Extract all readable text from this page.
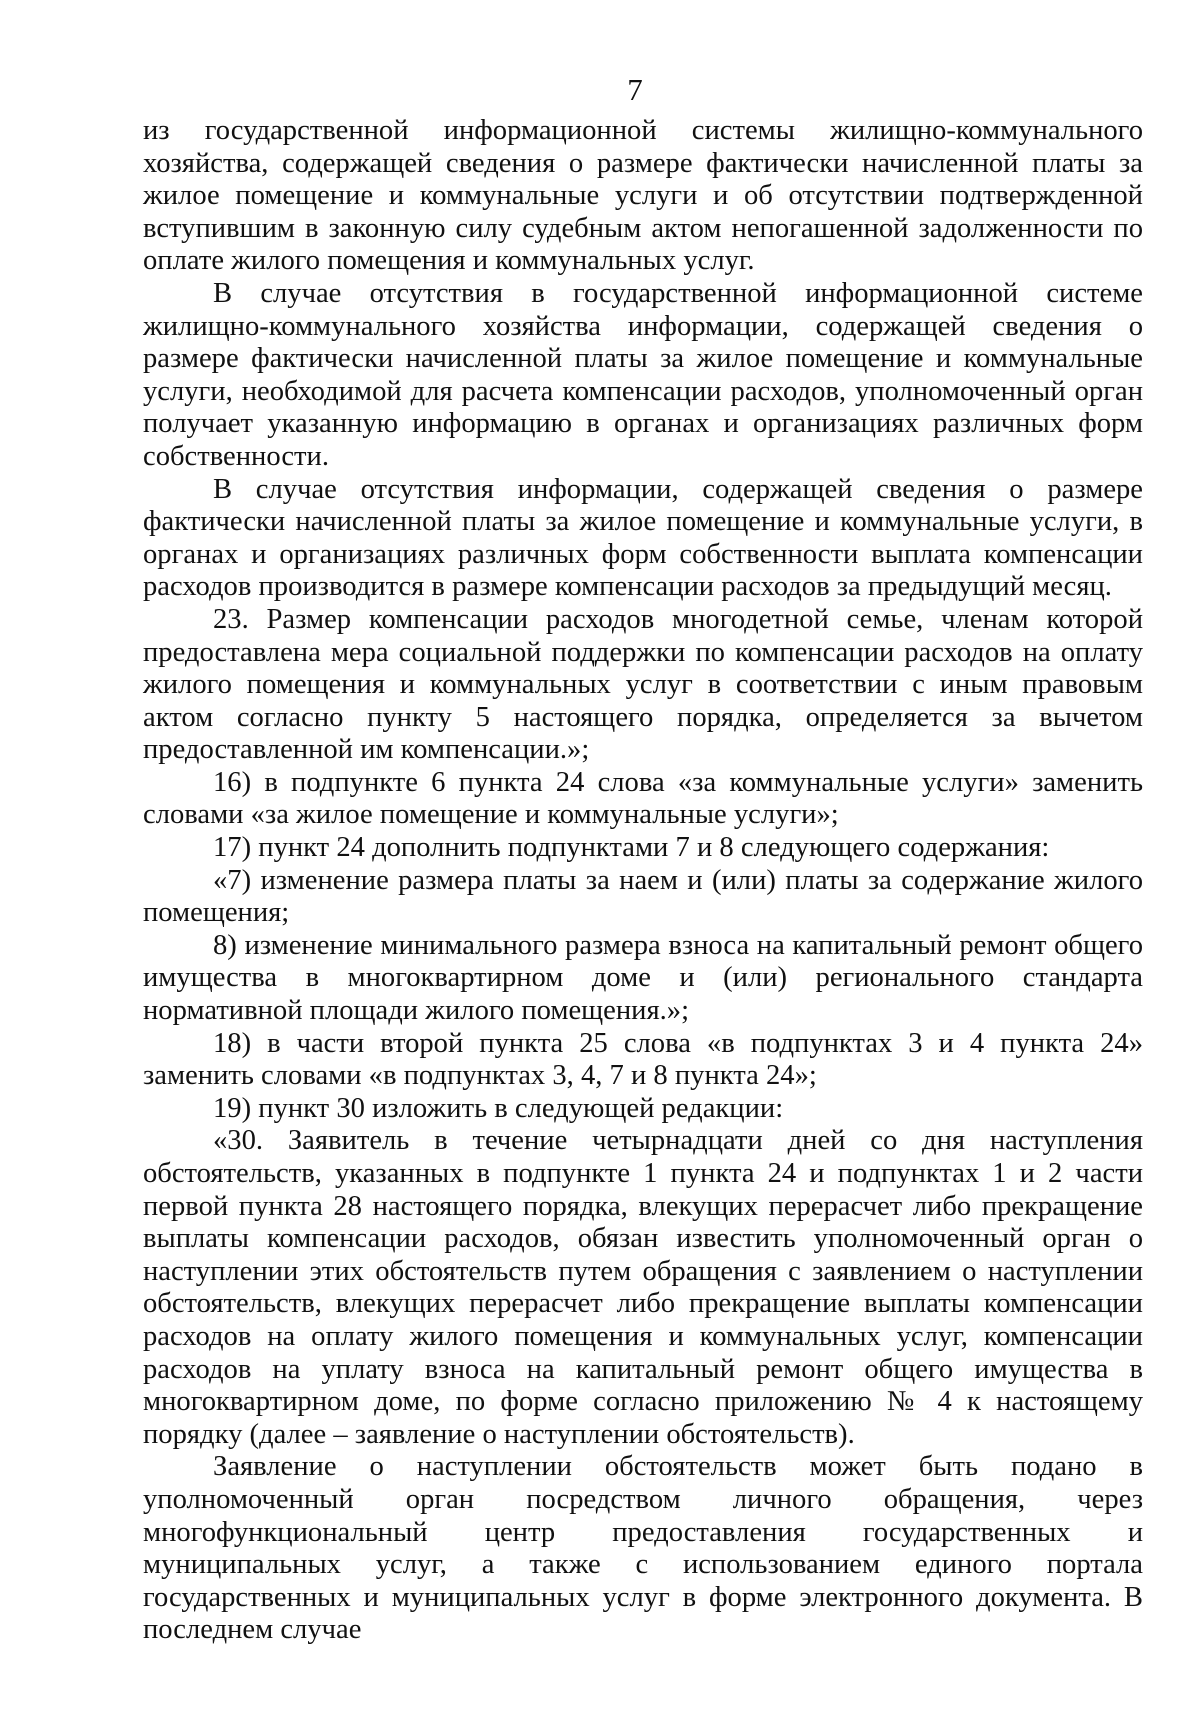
7

из государственной информационной системы жилищно-коммунального хозяйства, содержащей сведения о размере фактически начисленной платы за жилое помещение и коммунальные услуги и об отсутствии подтвержденной вступившим в законную силу судебным актом непогашенной задолженности по оплате жилого помещения и коммунальных услуг.

В случае отсутствия в государственной информационной системе жилищно-коммунального хозяйства информации, содержащей сведения о размере фактически начисленной платы за жилое помещение и коммунальные услуги, необходимой для расчета компенсации расходов, уполномоченный орган получает указанную информацию в органах и организациях различных форм собственности.

В случае отсутствия информации, содержащей сведения о размере фактически начисленной платы за жилое помещение и коммунальные услуги, в органах и организациях различных форм собственности выплата компенсации расходов производится в размере компенсации расходов за предыдущий месяц.

23. Размер компенсации расходов многодетной семье, членам которой предоставлена мера социальной поддержки по компенсации расходов на оплату жилого помещения и коммунальных услуг в соответствии с иным правовым актом согласно пункту 5 настоящего порядка, определяется за вычетом предоставленной им компенсации.»;

16) в подпункте 6 пункта 24 слова «за коммунальные услуги» заменить словами «за жилое помещение и коммунальные услуги»;

17) пункт 24 дополнить подпунктами 7 и 8 следующего содержания:

«7) изменение размера платы за наем и (или) платы за содержание жилого помещения;

8) изменение минимального размера взноса на капитальный ремонт общего имущества в многоквартирном доме и (или) регионального стандарта нормативной площади жилого помещения.»;

18) в части второй пункта 25 слова «в подпунктах 3 и 4 пункта 24» заменить словами «в подпунктах 3, 4, 7 и 8 пункта 24»;

19) пункт 30 изложить в следующей редакции:

«30. Заявитель в течение четырнадцати дней со дня наступления обстоятельств, указанных в подпункте 1 пункта 24 и подпунктах 1 и 2 части первой пункта 28 настоящего порядка, влекущих перерасчет либо прекращение выплаты компенсации расходов, обязан известить уполномоченный орган о наступлении этих обстоятельств путем обращения с заявлением о наступлении обстоятельств, влекущих перерасчет либо прекращение выплаты компенсации расходов на оплату жилого помещения и коммунальных услуг, компенсации расходов на уплату взноса на капитальный ремонт общего имущества в многоквартирном доме, по форме согласно приложению № 4 к настоящему порядку (далее – заявление о наступлении обстоятельств).

Заявление о наступлении обстоятельств может быть подано в уполномоченный орган посредством личного обращения, через многофункциональный центр предоставления государственных и муниципальных услуг, а также с использованием единого портала государственных и муниципальных услуг в форме электронного документа. В последнем случае
